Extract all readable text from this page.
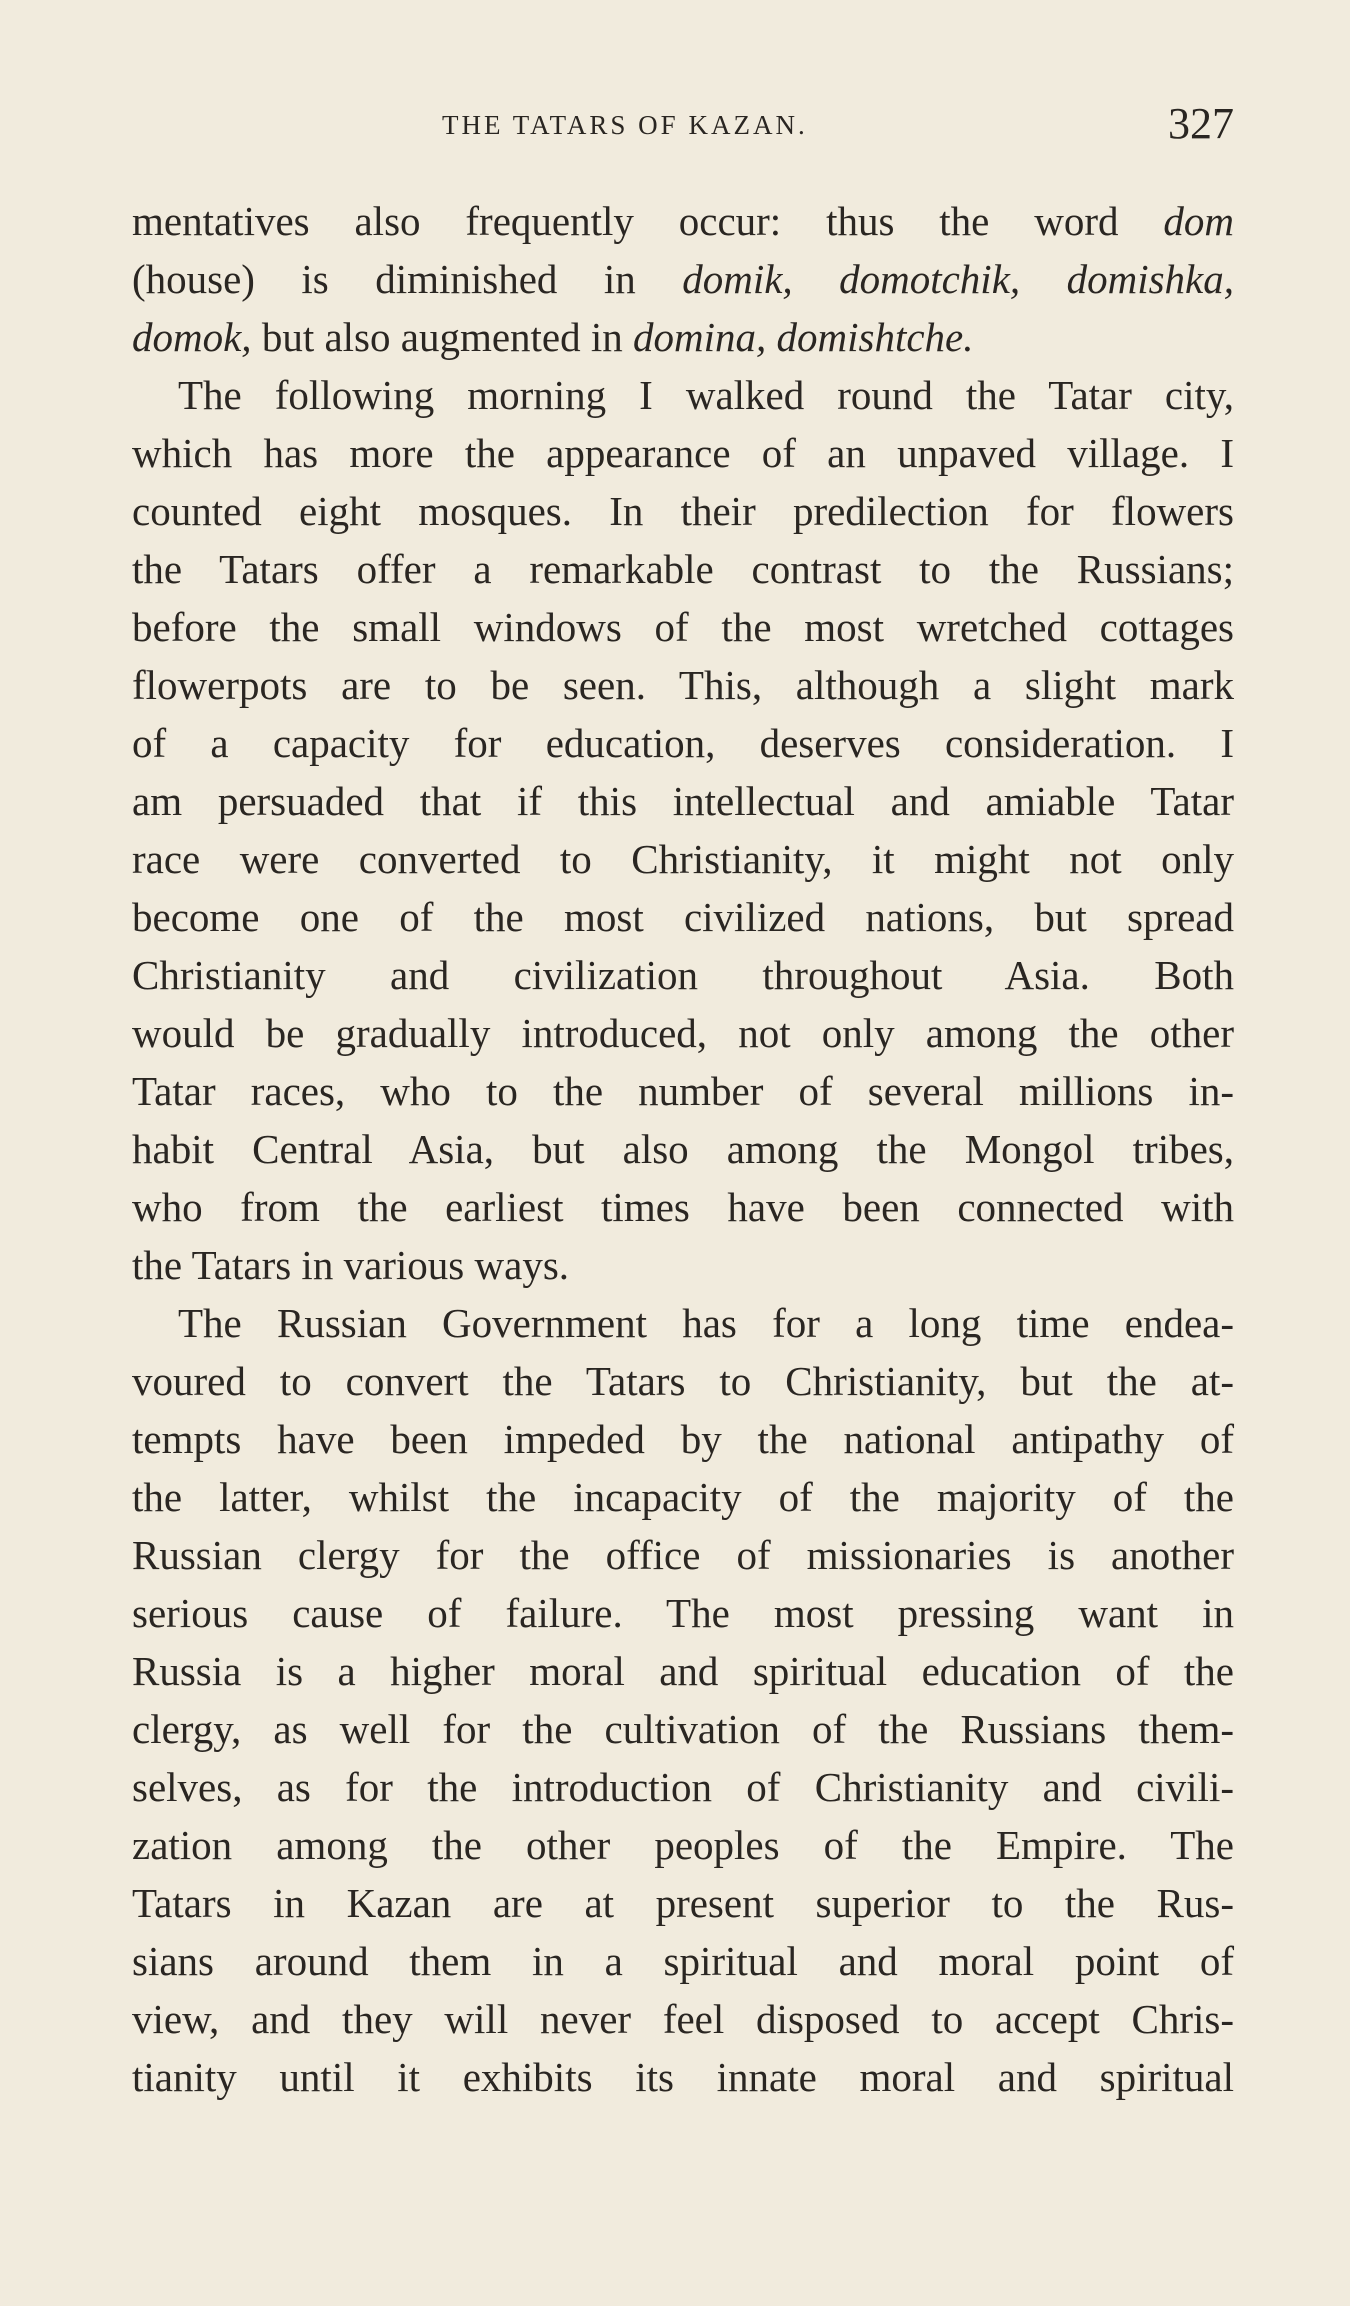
THE TATARS OF KAZAN.	327
mentatives also frequently occur: thus the word dom
(house) is diminished in domik, domotchik, domishka,
domok, but also augmented in domina, domishtche.
The following morning I walked round the Tatar city,
which has more the appearance of an unpaved village. I
counted eight mosques. In their predilection for flowers
the Tatars offer a remarkable contrast to the Russians;
before the small windows of the most wretched cottages
flowerpots are to be seen. This, although a slight mark
of a capacity for education, deserves consideration. I
am persuaded that if this intellectual and amiable Tatar
race were converted to Christianity, it might not only
become one of the most civilized nations, but spread
Christianity and civilization throughout Asia. Both
would be gradually introduced, not only among the other
Tatar races, who to the number of several millions in-
habit Central Asia, but also among the Mongol tribes,
who from the earliest times have been connected with
the Tatars in various ways.
The Russian Government has for a long time endea-
voured to convert the Tatars to Christianity, but the at-
tempts have been impeded by the national antipathy of
the latter, whilst the incapacity of the majority of the
Russian clergy for the office of missionaries is another
serious cause of failure. The most pressing want in
Russia is a higher moral and spiritual education of the
clergy, as well for the cultivation of the Russians them-
selves, as for the introduction of Christianity and civili-
zation among the other peoples of the Empire. The
Tatars in Kazan are at present superior to the Rus-
sians around them in a spiritual and moral point of
view, and they will never feel disposed to accept Chris-
tianity until it exhibits its innate moral and spiritual
